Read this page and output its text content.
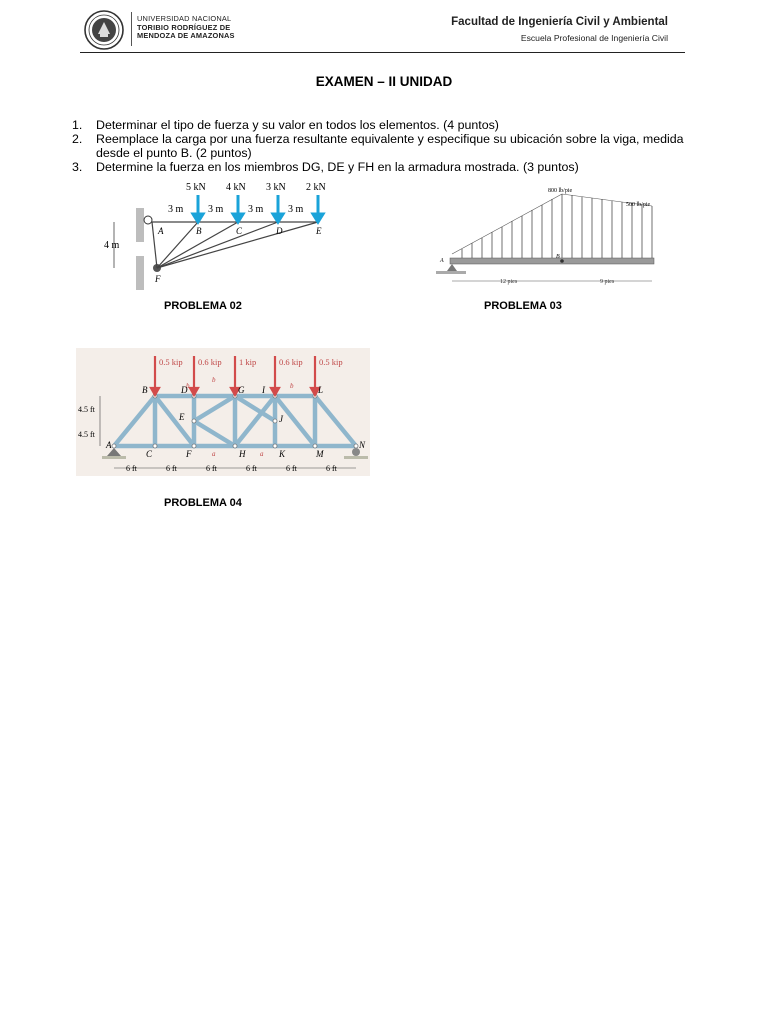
UNIVERSIDAD NACIONAL
TORIBIO RODRÍGUEZ DE
MENDOZA DE AMAZONAS
Facultad de Ingeniería Civil y Ambiental
Escuela Profesional de Ingeniería Civil
EXAMEN – II UNIDAD
1.	Determinar el tipo de fuerza y su valor en todos los elementos. (4 puntos)
2.	Reemplace la carga por una fuerza resultante equivalente y especifique su ubicación sobre la viga, medida desde el punto B. (2 puntos)
3.	Determine la fuerza en los miembros DG, DE y FH en la armadura mostrada. (3 puntos)
5 kN 4 kN 3 kN 2 kN
3 m 3 m 3 m 3 m
4 m
A	B	C	D	E
F
PROBLEMA 02
800 lb/pie
500 lb/pie
A
B
12 pies	9 pies
PROBLEMA 03
0.5 kip 0.6 kip 1 kip	0.6 kip 0.5 kip
b
b
a	a
b
B	D	G I	L
A
C	F	H	K	M
N
E	J
4.5 ft
4.5 ft
6 ft	6 ft	6 ft	6 ft	6 ft	6 ft
PROBLEMA 04
